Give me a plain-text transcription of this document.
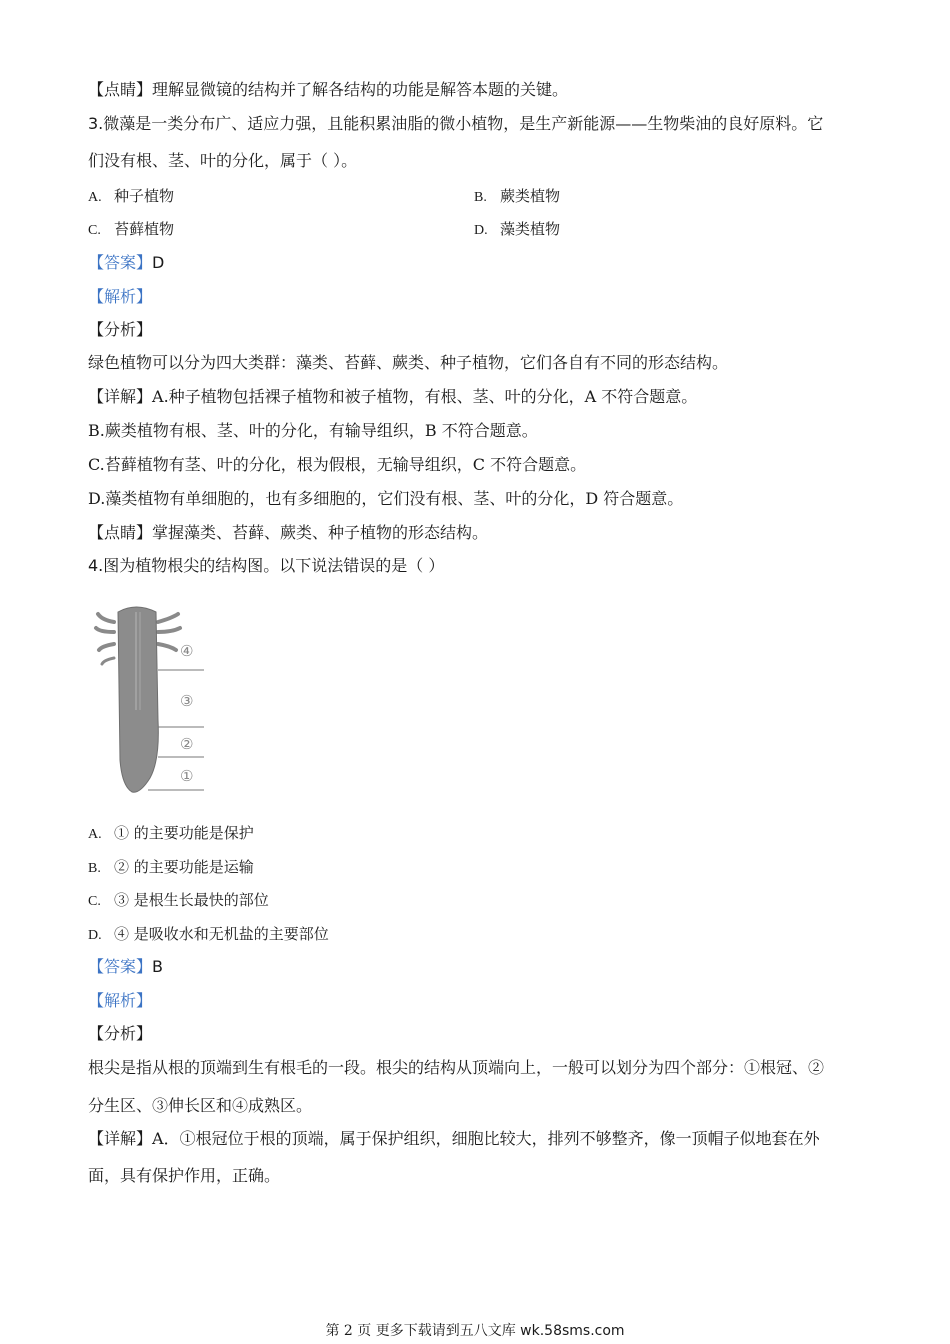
【点睛】理解显微镜的结构并了解各结构的功能是解答本题的关键。
3.微藻是一类分布广、适应力强，且能积累油脂的微小植物，是生产新能源——生物柴油的良好原料。它
们没有根、茎、叶的分化，属于（ ）。
A. 种子植物	B. 蕨类植物
C. 苔藓植物	D. 藻类植物
【答案】D
【解析】
【分析】
绿色植物可以分为四大类群：藻类、苔藓、蕨类、种子植物，它们各自有不同的形态结构。
【详解】A.种子植物包括裸子植物和被子植物，有根、茎、叶的分化，A 不符合题意。
B.蕨类植物有根、茎、叶的分化，有输导组织，B 不符合题意。
C.苔藓植物有茎、叶的分化，根为假根，无输导组织，C 不符合题意。
D.藻类植物有单细胞的，也有多细胞的，它们没有根、茎、叶的分化，D 符合题意。
【点睛】掌握藻类、苔藓、蕨类、种子植物的形态结构。
4.图为植物根尖的结构图。以下说法错误的是（ ）
④
③
②
①
A. ① 的主要功能是保护
B. ② 的主要功能是运输
C. ③ 是根生长最快的部位
D. ④ 是吸收水和无机盐的主要部位
【答案】B
【解析】
【分析】
根尖是指从根的顶端到生有根毛的一段。根尖的结构从顶端向上，一般可以划分为四个部分：①根冠、②
分生区、③伸长区和④成熟区。
【详解】A．①根冠位于根的顶端，属于保护组织，细胞比较大，排列不够整齐，像一顶帽子似地套在外
面，具有保护作用，正确。
第 2 页 更多下载请到五八文库 wk.58sms.com
